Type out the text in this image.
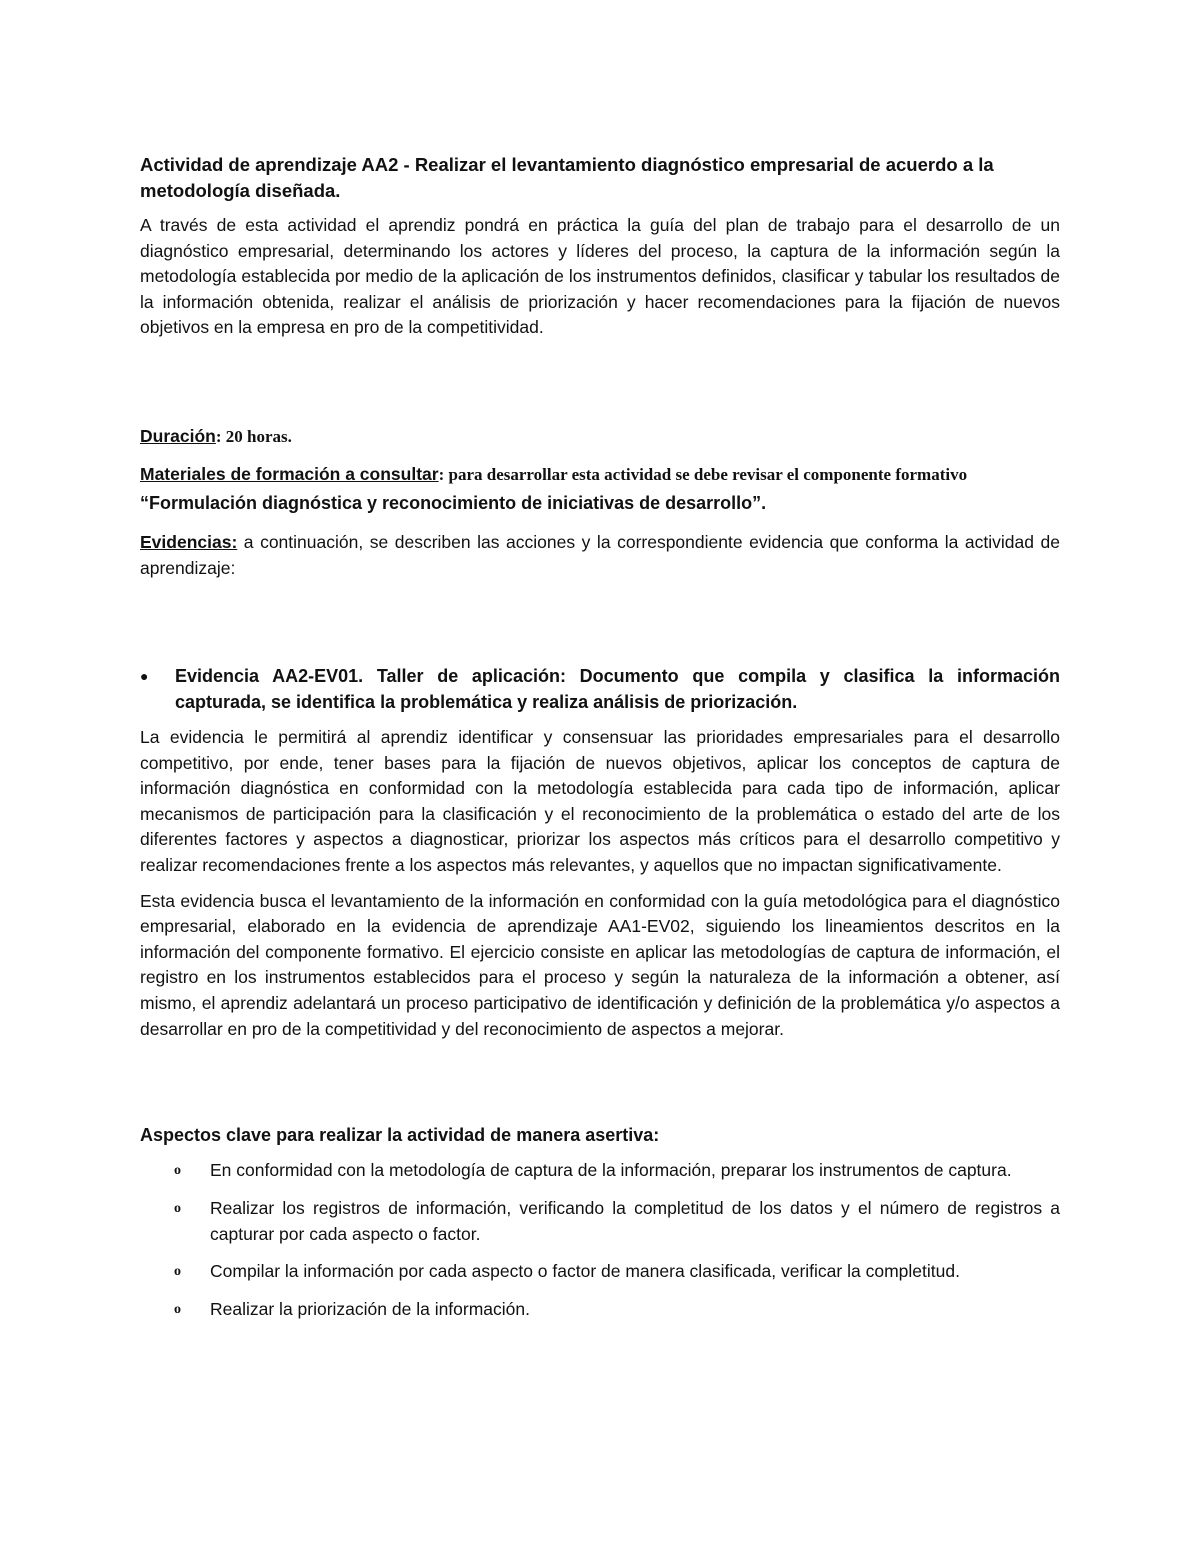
Actividad de aprendizaje AA2 - Realizar el levantamiento diagnóstico empresarial de acuerdo a la metodología diseñada.

A través de esta actividad el aprendiz pondrá en práctica la guía del plan de trabajo para el desarrollo de un diagnóstico empresarial, determinando los actores y líderes del proceso, la captura de la información según la metodología establecida por medio de la aplicación de los instrumentos definidos, clasificar y tabular los resultados de la información obtenida, realizar el análisis de priorización y hacer recomendaciones para la fijación de nuevos objetivos en la empresa en pro de la competitividad.

Duración: 20 horas.
Materiales de formación a consultar: para desarrollar esta actividad se debe revisar el componente formativo
“Formulación diagnóstica y reconocimiento de iniciativas de desarrollo”.

Evidencias: a continuación, se describen las acciones y la correspondiente evidencia que conforma la actividad de aprendizaje:

●	Evidencia AA2-EV01. Taller de aplicación: Documento que compila y clasifica la información capturada, se identifica la problemática y realiza análisis de priorización.

La evidencia le permitirá al aprendiz identificar y consensuar las prioridades empresariales para el desarrollo competitivo, por ende, tener bases para la fijación de nuevos objetivos, aplicar los conceptos de captura de información diagnóstica en conformidad con la metodología establecida para cada tipo de información, aplicar mecanismos de participación para la clasificación y el reconocimiento de la problemática o estado del arte de los diferentes factores y aspectos a diagnosticar, priorizar los aspectos más críticos para el desarrollo competitivo y realizar recomendaciones frente a los aspectos más relevantes, y aquellos que no impactan significativamente.

Esta evidencia busca el levantamiento de la información en conformidad con la guía metodológica para el diagnóstico empresarial, elaborado en la evidencia de aprendizaje AA1-EV02, siguiendo los lineamientos descritos en la información del componente formativo. El ejercicio consiste en aplicar las metodologías de captura de información, el registro en los instrumentos establecidos para el proceso y según la naturaleza de la información a obtener, así mismo, el aprendiz adelantará un proceso participativo de identificación y definición de la problemática y/o aspectos a desarrollar en pro de la competitividad y del reconocimiento de aspectos a mejorar.

Aspectos clave para realizar la actividad de manera asertiva:
o	En conformidad con la metodología de captura de la información, preparar los instrumentos de captura.
o	Realizar los registros de información, verificando la completitud de los datos y el número de registros a capturar por cada aspecto o factor.
o	Compilar la información por cada aspecto o factor de manera clasificada, verificar la completitud.
o	Realizar la priorización de la información.
